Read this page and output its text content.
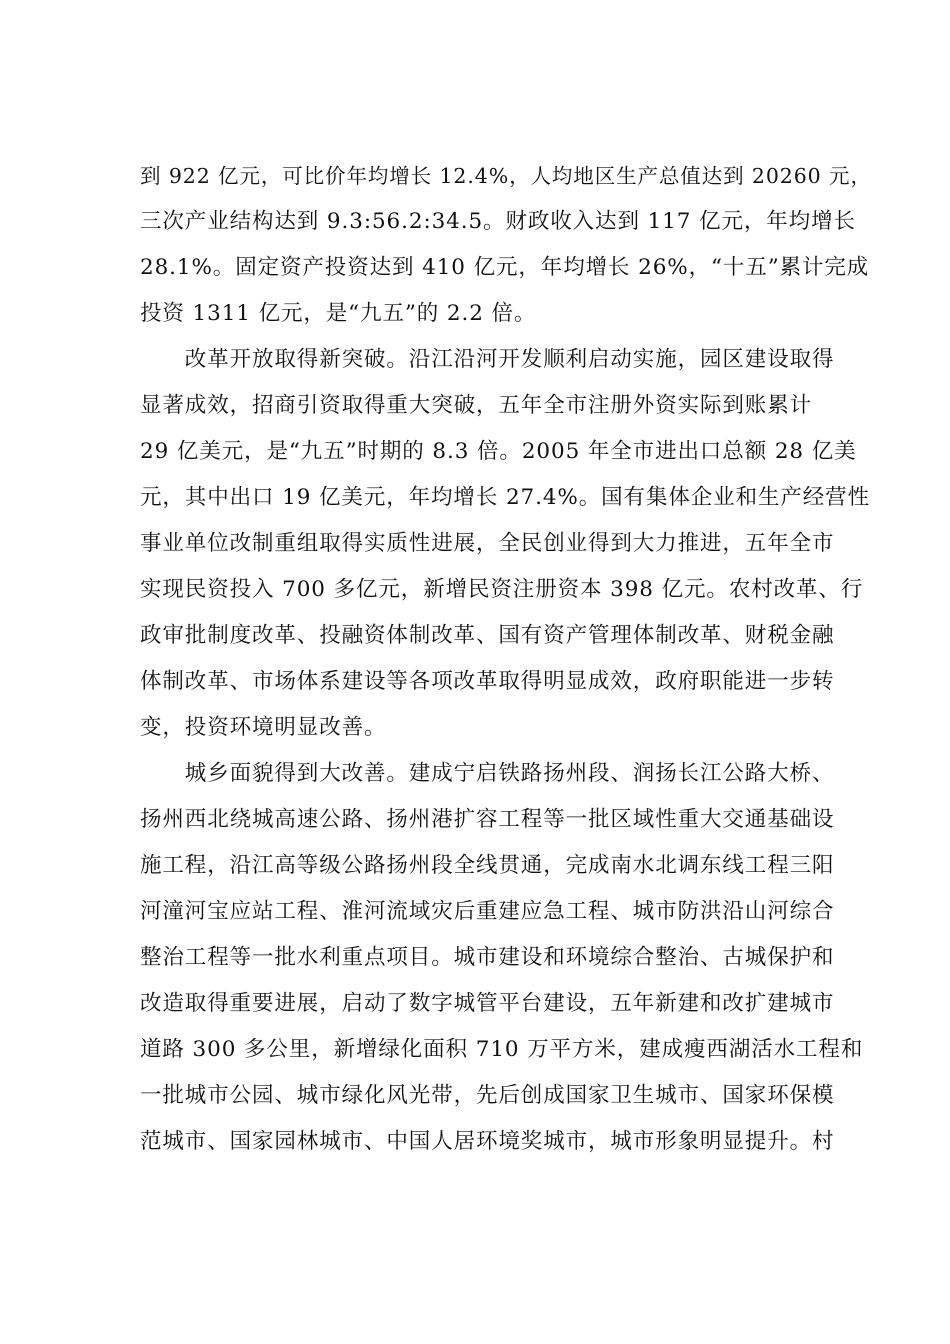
到 922 亿元，可比价年均增长 12.4%，人均地区生产总值达到 20260 元，
三次产业结构达到 9.3:56.2:34.5。财政收入达到 117 亿元，年均增长
28.1%。固定资产投资达到 410 亿元，年均增长 26%，“十五”累计完成
投资 1311 亿元，是“九五”的 2.2 倍。
　　改革开放取得新突破。沿江沿河开发顺利启动实施，园区建设取得
显著成效，招商引资取得重大突破，五年全市注册外资实际到账累计
29 亿美元，是“九五”时期的 8.3 倍。2005 年全市进出口总额 28 亿美
元，其中出口 19 亿美元，年均增长 27.4%。国有集体企业和生产经营性
事业单位改制重组取得实质性进展，全民创业得到大力推进，五年全市
实现民资投入 700 多亿元，新增民资注册资本 398 亿元。农村改革、行
政审批制度改革、投融资体制改革、国有资产管理体制改革、财税金融
体制改革、市场体系建设等各项改革取得明显成效，政府职能进一步转
变，投资环境明显改善。
　　城乡面貌得到大改善。建成宁启铁路扬州段、润扬长江公路大桥、
扬州西北绕城高速公路、扬州港扩容工程等一批区域性重大交通基础设
施工程，沿江高等级公路扬州段全线贯通，完成南水北调东线工程三阳
河潼河宝应站工程、淮河流域灾后重建应急工程、城市防洪沿山河综合
整治工程等一批水利重点项目。城市建设和环境综合整治、古城保护和
改造取得重要进展，启动了数字城管平台建设，五年新建和改扩建城市
道路 300 多公里，新增绿化面积 710 万平方米，建成瘦西湖活水工程和
一批城市公园、城市绿化风光带，先后创成国家卫生城市、国家环保模
范城市、国家园林城市、中国人居环境奖城市，城市形象明显提升。村
